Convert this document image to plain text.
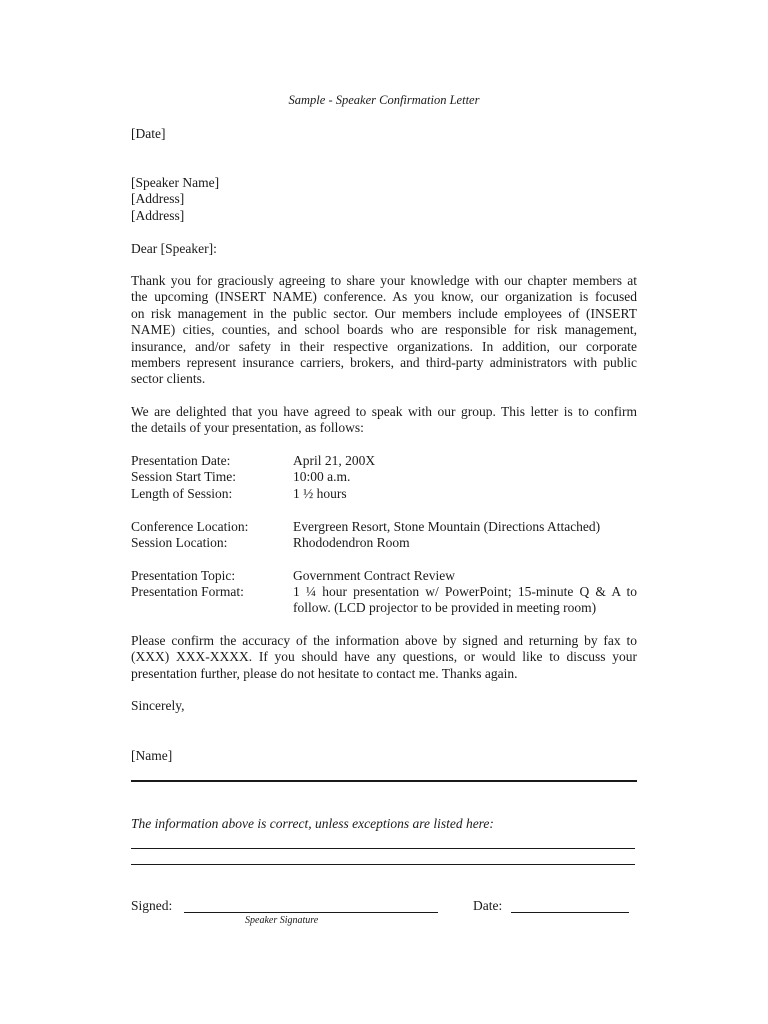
Sample - Speaker Confirmation Letter
[Date]
[Speaker Name]
[Address]
[Address]
Dear [Speaker]:
Thank you for graciously agreeing to share your knowledge with our chapter members at
the upcoming (INSERT NAME) conference. As you know, our organization is focused
on risk management in the public sector. Our members include employees of (INSERT
NAME) cities, counties, and school boards who are responsible for risk management,
insurance, and/or safety in their respective organizations. In addition, our corporate
members represent insurance carriers, brokers, and third-party administrators with public
sector clients.
We are delighted that you have agreed to speak with our group. This letter is to confirm
the details of your presentation, as follows:
Presentation Date:	April 21, 200X
Session Start Time:	10:00 a.m.
Length of Session:	1 ½ hours
Conference Location:	Evergreen Resort, Stone Mountain (Directions Attached)
Session Location:	Rhododendron Room
Presentation Topic:	Government Contract Review
Presentation Format:	1 ¼ hour presentation w/ PowerPoint; 15-minute Q & A to
follow. (LCD projector to be provided in meeting room)
Please confirm the accuracy of the information above by signed and returning by fax to
(XXX) XXX-XXXX. If you should have any questions, or would like to discuss your
presentation further, please do not hesitate to contact me. Thanks again.
Sincerely,
[Name]
The information above is correct, unless exceptions are listed here:
Signed:	Date:
Speaker Signature
